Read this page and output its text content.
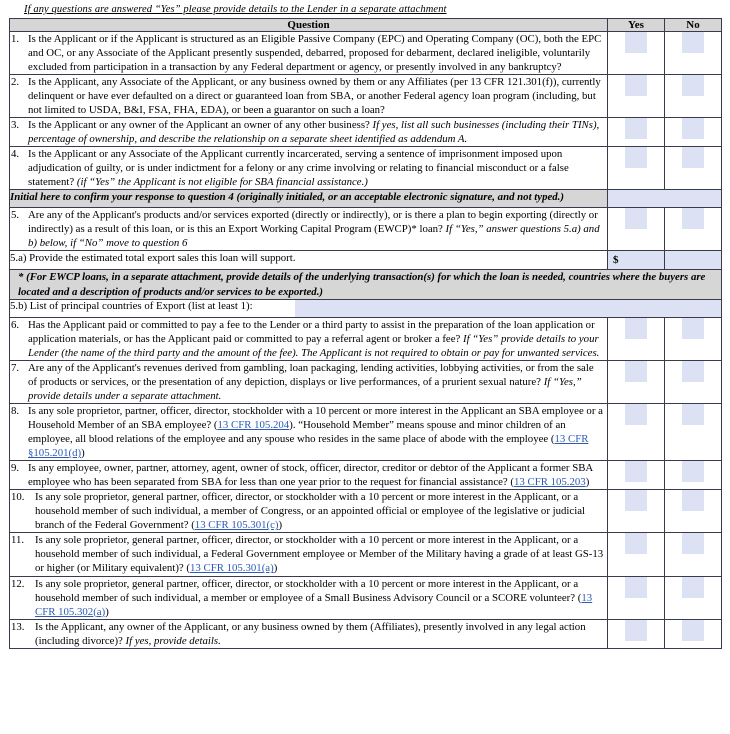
If any questions are answered “Yes” please provide details to the Lender in a separate attachment
Question	Yes	No
1. Is the Applicant or if the Applicant is structured as an Eligible Passive Company (EPC) and Operating Company (OC), both the EPC and OC, or any Associate of the Applicant presently suspended, debarred, proposed for debarment, declared ineligible, voluntarily excluded from participation in a transaction by any Federal department or agency, or presently involved in any bankruptcy?		
2. Is the Applicant, any Associate of the Applicant, or any business owned by them or any Affiliates (per 13 CFR 121.301(f)), currently delinquent or have ever defaulted on a direct or guaranteed loan from SBA, or another Federal agency loan program (including, but not limited to USDA, B&I, FSA, FHA, EDA), or been a guarantor on such a loan?		
3. Is the Applicant or any owner of the Applicant an owner of any other business? If yes, list all such businesses (including their TINs), percentage of ownership, and describe the relationship on a separate sheet identified as addendum A.		
4. Is the Applicant or any Associate of the Applicant currently incarcerated, serving a sentence of imprisonment imposed upon adjudication of guilty, or is under indictment for a felony or any crime involving or relating to financial misconduct or a false statement? (if “Yes” the Applicant is not eligible for SBA financial assistance.)		
Initial here to confirm your response to question 4 (originally initialed, or an acceptable electronic signature, and not typed.)	

5. Are any of the Applicant's products and/or services exported (directly or indirectly), or is there a plan to begin exporting (directly or indirectly) as a result of this loan, or is this an Export Working Capital Program (EWCP)* loan? If “Yes,” answer questions 5.a) and b) below, if “No” move to question 6		
5.a) Provide the estimated total export sales this loan will support.	$

* (For EWCP loans, in a separate attachment, provide details of the underlying transaction(s) for which the loan is needed, countries where the buyers are located and a description of products and/or services to be exported.)

5.b) List of principal countries of Export (list at least 1):			

6. Has the Applicant paid or committed to pay a fee to the Lender or a third party to assist in the preparation of the loan application or application materials, or has the Applicant paid or committed to pay a referral agent or broker a fee? If “Yes” provide details to your Lender (the name of the third party and the amount of the fee). The Applicant is not required to obtain or pay for unwanted services.		
7. Are any of the Applicant's revenues derived from gambling, loan packaging, lending activities, lobbying activities, or from the sale of products or services, or the presentation of any depiction, displays or live performances, of a prurient sexual nature? If “Yes,” provide details under a separate attachment.		
8. Is any sole proprietor, partner, officer, director, stockholder with a 10 percent or more interest in the Applicant an SBA employee or a Household Member of an SBA employee? (13 CFR 105.204). “Household Member” means spouse and minor children of an employee, all blood relations of the employee and any spouse who resides in the same place of abode with the employee (13 CFR §105.201(d))		
9. Is any employee, owner, partner, attorney, agent, owner of stock, officer, director, creditor or debtor of the Applicant a former SBA employee who has been separated from SBA for less than one year prior to the request for financial assistance? (13 CFR 105.203)		
10. Is any sole proprietor, general partner, officer, director, or stockholder with a 10 percent or more interest in the Applicant, or a household member of such individual, a member of Congress, or an appointed official or employee of the legislative or judicial branch of the Federal Government? (13 CFR 105.301(c))		
11. Is any sole proprietor, general partner, officer, director, or stockholder with a 10 percent or more interest in the Applicant, or a household member of such individual, a Federal Government employee or Member of the Military having a grade of at least GS-13 or higher (or Military equivalent)? (13 CFR 105.301(a))		
12. Is any sole proprietor, general partner, officer, director, or stockholder with a 10 percent or more interest in the Applicant, or a household member of such individual, a member or employee of a Small Business Advisory Council or a SCORE volunteer? (13 CFR 105.302(a))		
13. Is the Applicant, any owner of the Applicant, or any business owned by them (Affiliates), presently involved in any legal action (including divorce)? If yes, provide details.		
